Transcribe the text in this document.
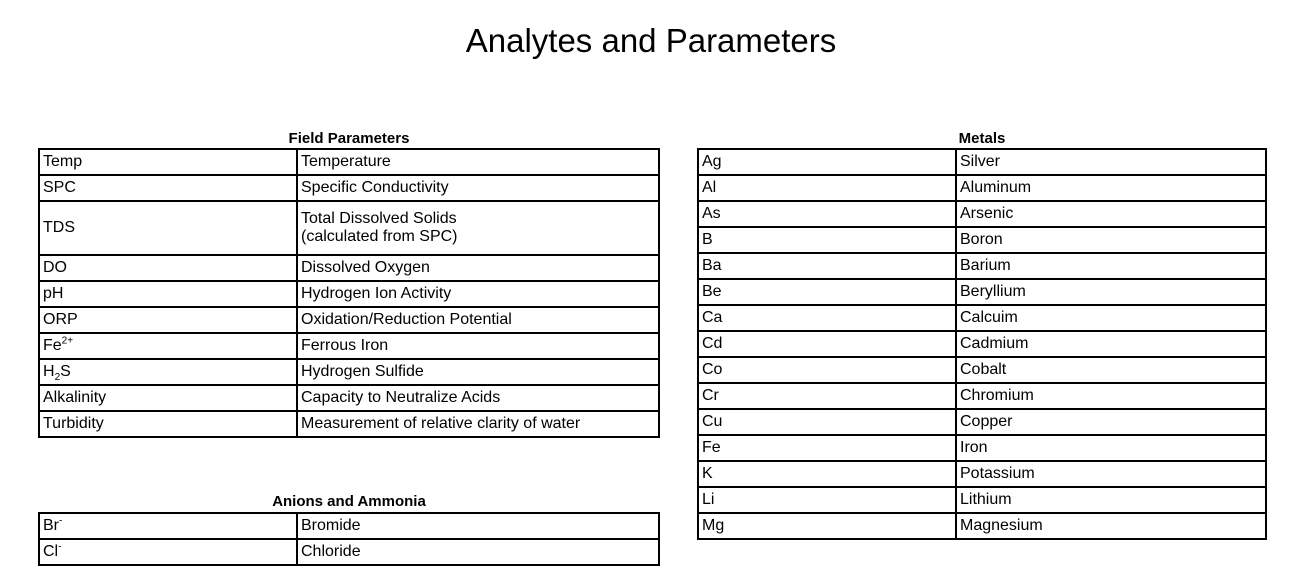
Analytes and Parameters
Field Parameters
Temp	Temperature

SPC	Specific Conductivity

TDS	Total Dissolved Solids
(calculated from SPC)

DO	Dissolved Oxygen

pH	Hydrogen Ion Activity

ORP	Oxidation/Reduction Potential

$Fe^{2+}$	Ferrous Iron

$H_2S$	Hydrogen Sulfide

Alkalinity	Capacity to Neutralize Acids

Turbidity	Measurement of relative clarity of water
Anions and Ammonia
Br-	Bromide

Cl-	Chloride
Metals
Ag	Silver
Al	Aluminum
As	Arsenic
B	Boron
Ba	Barium
Be	Beryllium
Ca	Calcuim
Cd	Cadmium
Co	Cobalt
Cr	Chromium
Cu	Copper
Fe	Iron
K	Potassium
Li	Lithium
Mg	Magnesium
